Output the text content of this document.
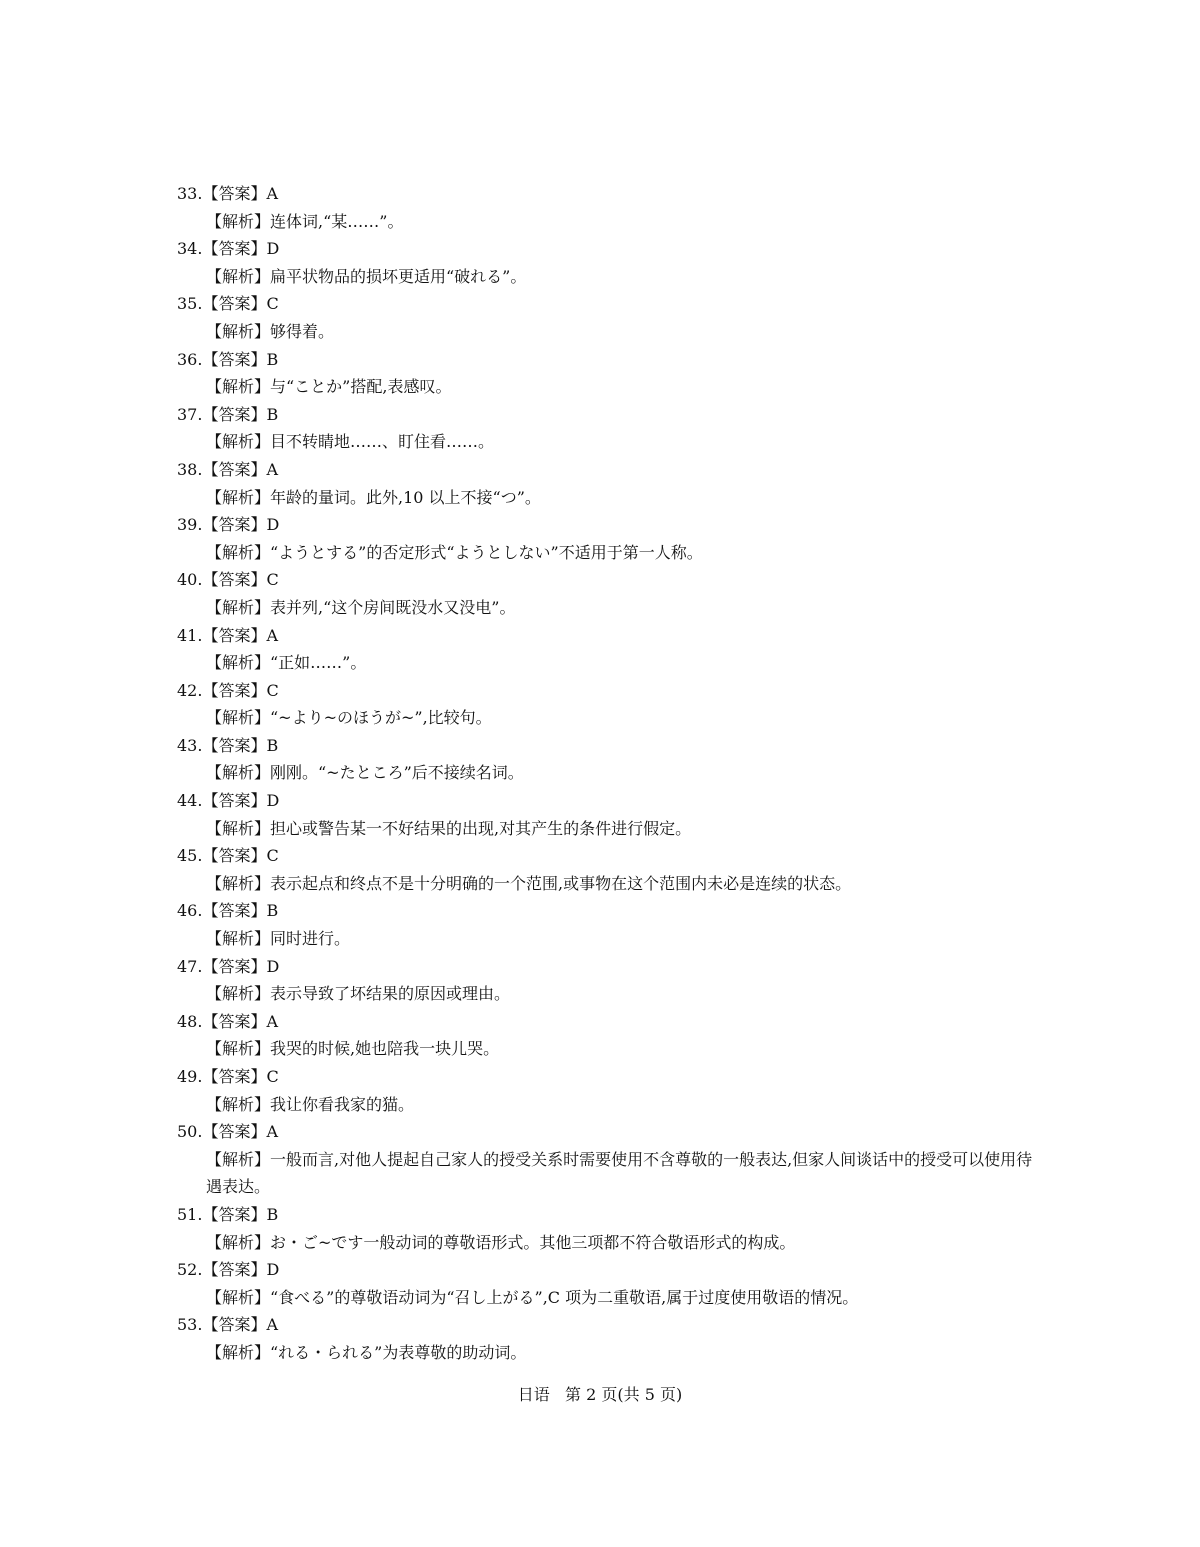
33.【答案】A
【解析】连体词,“某……”。
34.【答案】D
【解析】扁平状物品的损坏更适用“破れる”。
35.【答案】C
【解析】够得着。
36.【答案】B
【解析】与“ことか”搭配,表感叹。
37.【答案】B
【解析】目不转睛地……、盯住看……。
38.【答案】A
【解析】年龄的量词。此外,10 以上不接“つ”。
39.【答案】D
【解析】“ようとする”的否定形式“ようとしない”不适用于第一人称。
40.【答案】C
【解析】表并列,“这个房间既没水又没电”。
41.【答案】A
【解析】“正如……”。
42.【答案】C
【解析】“~より~のほうが~”,比较句。
43.【答案】B
【解析】刚刚。“~たところ”后不接续名词。
44.【答案】D
【解析】担心或警告某一不好结果的出现,对其产生的条件进行假定。
45.【答案】C
【解析】表示起点和终点不是十分明确的一个范围,或事物在这个范围内未必是连续的状态。
46.【答案】B
【解析】同时进行。
47.【答案】D
【解析】表示导致了坏结果的原因或理由。
48.【答案】A
【解析】我哭的时候,她也陪我一块儿哭。
49.【答案】C
【解析】我让你看我家的猫。
50.【答案】A
【解析】一般而言,对他人提起自己家人的授受关系时需要使用不含尊敬的一般表达,但家人间谈话中的授受可以使用待遇表达。
51.【答案】B
【解析】お・ご~です一般动词的尊敬语形式。其他三项都不符合敬语形式的构成。
52.【答案】D
【解析】“食べる”的尊敬语动词为“召し上がる”,C 项为二重敬语,属于过度使用敬语的情况。
53.【答案】A
【解析】“れる・られる”为表尊敬的助动词。
日语   第 2 页(共 5 页)
